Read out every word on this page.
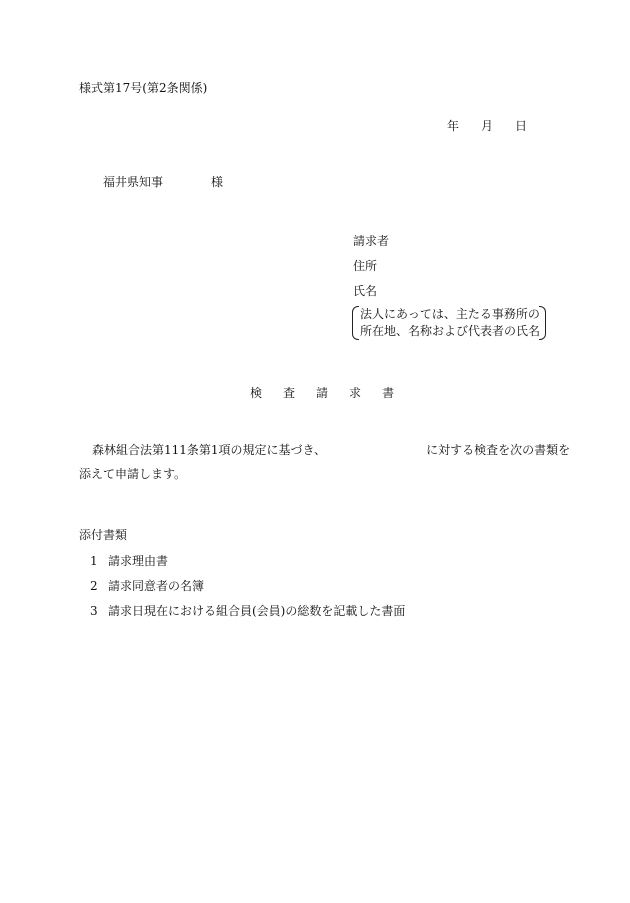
様式第17号(第2条関係)
年 月 日
福井県知事	様
請求者
住所
氏名
法人にあっては、主たる事務所の
所在地、名称および代表者の氏名
検 査 請 求 書
森林組合法第111条第1項の規定に基づき、	に対する検査を次の書類を
添えて申請します。
添付書類
1 請求理由書
2 請求同意者の名簿
3 請求日現在における組合員(会員)の総数を記載した書面
